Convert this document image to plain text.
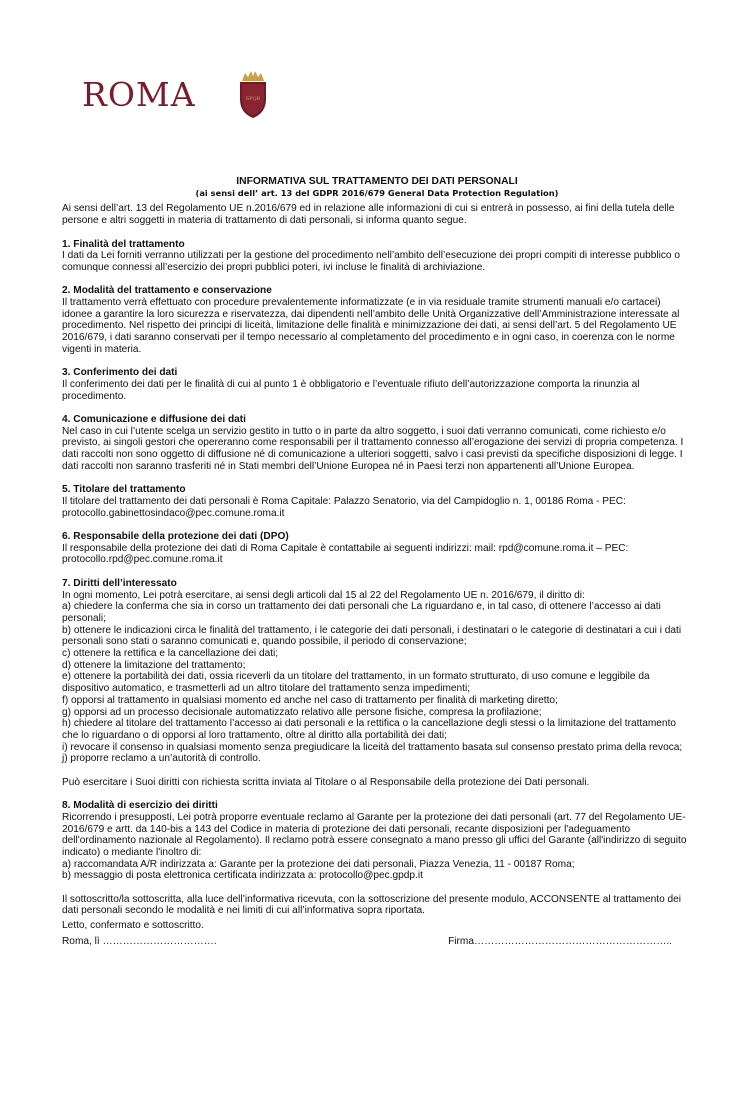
ROMA	SPQR

INFORMATIVA SUL TRATTAMENTO DEI DATI PERSONALI

(ai sensi dell’ art. 13 del GDPR 2016/679 General Data Protection Regulation)

Ai sensi dell’art. 13 del Regolamento UE n.2016/679 ed in relazione alle informazioni di cui si entrerà in possesso, ai fini della tutela delle persone e altri soggetti in materia di trattamento di dati personali, si informa quanto segue.

1. Finalità del trattamento

I dati da Lei forniti verranno utilizzati per la gestione del procedimento nell’ambito dell’esecuzione dei propri compiti di interesse pubblico o comunque connessi all’esercizio dei propri pubblici poteri, ivi incluse le finalità di archiviazione.

2. Modalità del trattamento e conservazione

Il trattamento verrà effettuato con procedure prevalentemente informatizzate (e in via residuale tramite strumenti manuali e/o cartacei) idonee a garantire la loro sicurezza e riservatezza, dai dipendenti nell’ambito delle Unità Organizzative dell’Amministrazione interessate al procedimento. Nel rispetto dei principi di liceità, limitazione delle finalità e minimizzazione dei dati, ai sensi dell’art. 5 del Regolamento UE 2016/679, i dati saranno conservati per il tempo necessario al completamento del procedimento e in ogni caso, in coerenza con le norme vigenti in materia.

3. Conferimento dei dati

Il conferimento dei dati per le finalità di cui al punto 1 è obbligatorio e l’eventuale rifiuto dell’autorizzazione comporta la rinunzia al procedimento.

4. Comunicazione e diffusione dei dati

Nel caso in cui l’utente scelga un servizio gestito in tutto o in parte da altro soggetto, i suoi dati verranno comunicati, come richiesto e/o previsto, ai singoli gestori che opereranno come responsabili per il trattamento connesso all’erogazione dei servizi di propria competenza. I dati raccolti non sono oggetto di diffusione né di comunicazione a ulteriori soggetti, salvo i casi previsti da specifiche disposizioni di legge. I dati raccolti non saranno trasferiti né in Stati membri dell’Unione Europea né in Paesi terzi non appartenenti all’Unione Europea.

5. Titolare del trattamento

Il titolare del trattamento dei dati personali è Roma Capitale: Palazzo Senatorio, via del Campidoglio n. 1, 00186 Roma - PEC: protocollo.gabinettosindaco@pec.comune.roma.it

6. Responsabile della protezione dei dati (DPO)

Il responsabile della protezione dei dati di Roma Capitale è contattabile ai seguenti indirizzi: mail: rpd@comune.roma.it – PEC: protocollo.rpd@pec.comune.roma.it

7. Diritti dell’interessato

In ogni momento, Lei potrà esercitare, ai sensi degli articoli dal 15 al 22 del Regolamento UE n. 2016/679, il diritto di:

a) chiedere la conferma che sia in corso un trattamento dei dati personali che La riguardano e, in tal caso, di ottenere l’accesso ai dati personali;

b) ottenere le indicazioni circa le finalità del trattamento, i le categorie dei dati personali, i destinatari o le categorie di destinatari a cui i dati personali sono stati o saranno comunicati e, quando possibile, il periodo di conservazione;

c) ottenere la rettifica e la cancellazione dei dati;

d) ottenere la limitazione del trattamento;

e) ottenere la portabilità dei dati, ossia riceverli da un titolare del trattamento, in un formato strutturato, di uso comune e leggibile da dispositivo automatico, e trasmetterli ad un altro titolare del trattamento senza impedimenti;

f) opporsi al trattamento in qualsiasi momento ed anche nel caso di trattamento per finalità di marketing diretto;

g) opporsi ad un processo decisionale automatizzato relativo alle persone fisiche, compresa la profilazione;

h) chiedere al titolare del trattamento l’accesso ai dati personali e la rettifica o la cancellazione degli stessi o la limitazione del trattamento che lo riguardano o di opporsi al loro trattamento, oltre al diritto alla portabilità dei dati;

i) revocare il consenso in qualsiasi momento senza pregiudicare la liceità del trattamento basata sul consenso prestato prima della revoca;

j) proporre reclamo a un’autorità di controllo.

Può esercitare i Suoi diritti con richiesta scritta inviata al Titolare o al Responsabile della protezione dei Dati personali.

8. Modalità di esercizio dei diritti

Ricorrendo i presupposti, Lei potrà proporre eventuale reclamo al Garante per la protezione dei dati personali (art. 77 del Regolamento UE- 2016/679 e artt. da 140-bis a 143 del Codice in materia di protezione dei dati personali, recante disposizioni per l'adeguamento dell'ordinamento nazionale al Regolamento). Il reclamo potrà essere consegnato a mano presso gli uffici del Garante (all'indirizzo di seguito indicato) o mediante l'inoltro di:

a) raccomandata A/R indirizzata a: Garante per la protezione dei dati personali, Piazza Venezia, 11 - 00187 Roma;

b) messaggio di posta elettronica certificata indirizzata a: protocollo@pec.gpdp.it

Il sottoscritto/la sottoscritta, alla luce dell’informativa ricevuta, con la sottoscrizione del presente modulo, ACCONSENTE al trattamento dei dati personali secondo le modalità e nei limiti di cui all’informativa sopra riportata.

Letto, confermato e sottoscritto.

Roma, lì …………………………….	Firma…………………………………………………..
